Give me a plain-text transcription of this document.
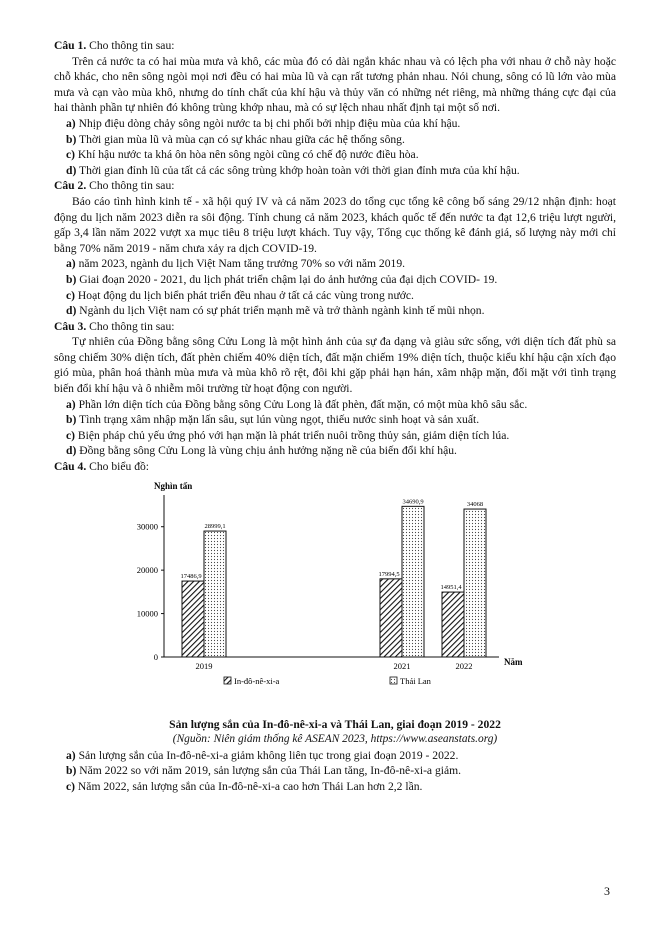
Câu 1. Cho thông tin sau:

Trên cả nước ta có hai mùa mưa và khô, các mùa đó có dài ngắn khác nhau và có lệch pha với nhau ở chỗ này hoặc chỗ khác, cho nên sông ngòi mọi nơi đều có hai mùa lũ và cạn rất tương phản nhau. Nói chung, sông có lũ lớn vào mùa mưa và cạn vào mùa khô, nhưng do tính chất của khí hậu và thủy văn có những nét riêng, mà những tháng cực đại của hai thành phần tự nhiên đó không trùng khớp nhau, mà có sự lệch nhau nhất định tại một số nơi.

a) Nhịp điệu dòng chảy sông ngòi nước ta bị chi phối bởi nhịp điệu mùa của khí hậu.

b) Thời gian mùa lũ và mùa cạn có sự khác nhau giữa các hệ thống sông.

c) Khí hậu nước ta khá ôn hòa nên sông ngòi cũng có chế độ nước điều hòa.

d) Thời gian đỉnh lũ của tất cả các sông trùng khớp hoàn toàn với thời gian đỉnh mưa của khí hậu.

Câu 2. Cho thông tin sau:

Báo cáo tình hình kinh tế - xã hội quý IV và cả năm 2023 do tổng cục tổng kê công bố sáng 29/12 nhận định: hoạt động du lịch năm 2023 diễn ra sôi động. Tính chung cả năm 2023, khách quốc tế đến nước ta đạt 12,6 triệu lượt người, gấp 3,4 lần năm 2022 vượt xa mục tiêu 8 triệu lượt khách. Tuy vậy, Tổng cục thống kê đánh giá, số lượng này mới chỉ bằng 70% năm 2019 - năm chưa xảy ra dịch COVID-19.

a) năm 2023, ngành du lịch Việt Nam tăng trưởng 70% so với năm 2019.

b) Giai đoạn 2020 - 2021, du lịch phát triển chậm lại do ảnh hưởng của đại dịch COVID- 19.

c) Hoạt động du lịch biển phát triển đều nhau ở tất cả các vùng trong nước.

d) Ngành du lịch Việt nam có sự phát triển mạnh mẽ và trở thành ngành kinh tế mũi nhọn.

Câu 3. Cho thông tin sau:

Tự nhiên của Đồng bằng sông Cửu Long là một hình ảnh của sự đa dạng và giàu sức sống, với diện tích đất phù sa sông chiếm 30% diện tích, đất phèn chiếm 40% diện tích, đất mặn chiếm 19% diện tích, thuộc kiểu khí hậu cận xích đạo gió mùa, phân hoá thành mùa mưa và mùa khô rõ rệt, đôi khi gặp phải hạn hán, xâm nhập mặn, đối mặt với tình trạng biến đổi khí hậu và ô nhiễm môi trường từ hoạt động con người.

a) Phần lớn diện tích của Đồng bằng sông Cửu Long là đất phèn, đất mặn, có một mùa khô sâu sắc.

b) Tình trạng xâm nhập mặn lấn sâu, sụt lún vùng ngọt, thiếu nước sinh hoạt và sản xuất.

c) Biện pháp chủ yếu ứng phó với hạn mặn là phát triển nuôi trồng thủy sản, giảm diện tích lúa.

d) Đồng bằng sông Cửu Long là vùng chịu ảnh hưởng nặng nề của biến đổi khí hậu.

Câu 4. Cho biểu đồ:
Nghìn tấn
0
10000
20000
30000
17486,9
28999,1
17994,5
34690,9
14951,4
34068
2019	2021	2022	Năm
In-đô-nê-xi-a	Thái Lan
Sản lượng sắn của In-đô-nê-xi-a và Thái Lan, giai đoạn 2019 - 2022
(Nguồn: Niên giám thống kê ASEAN 2023, https://www.aseanstats.org)

a) Sản lượng sắn của In-đô-nê-xi-a giảm không liên tục trong giai đoạn 2019 - 2022.

b) Năm 2022 so với năm 2019, sản lượng sắn của Thái Lan tăng, In-đô-nê-xi-a giảm.

c) Năm 2022, sản lượng sắn của In-đô-nê-xi-a cao hơn Thái Lan hơn 2,2 lần.

3
